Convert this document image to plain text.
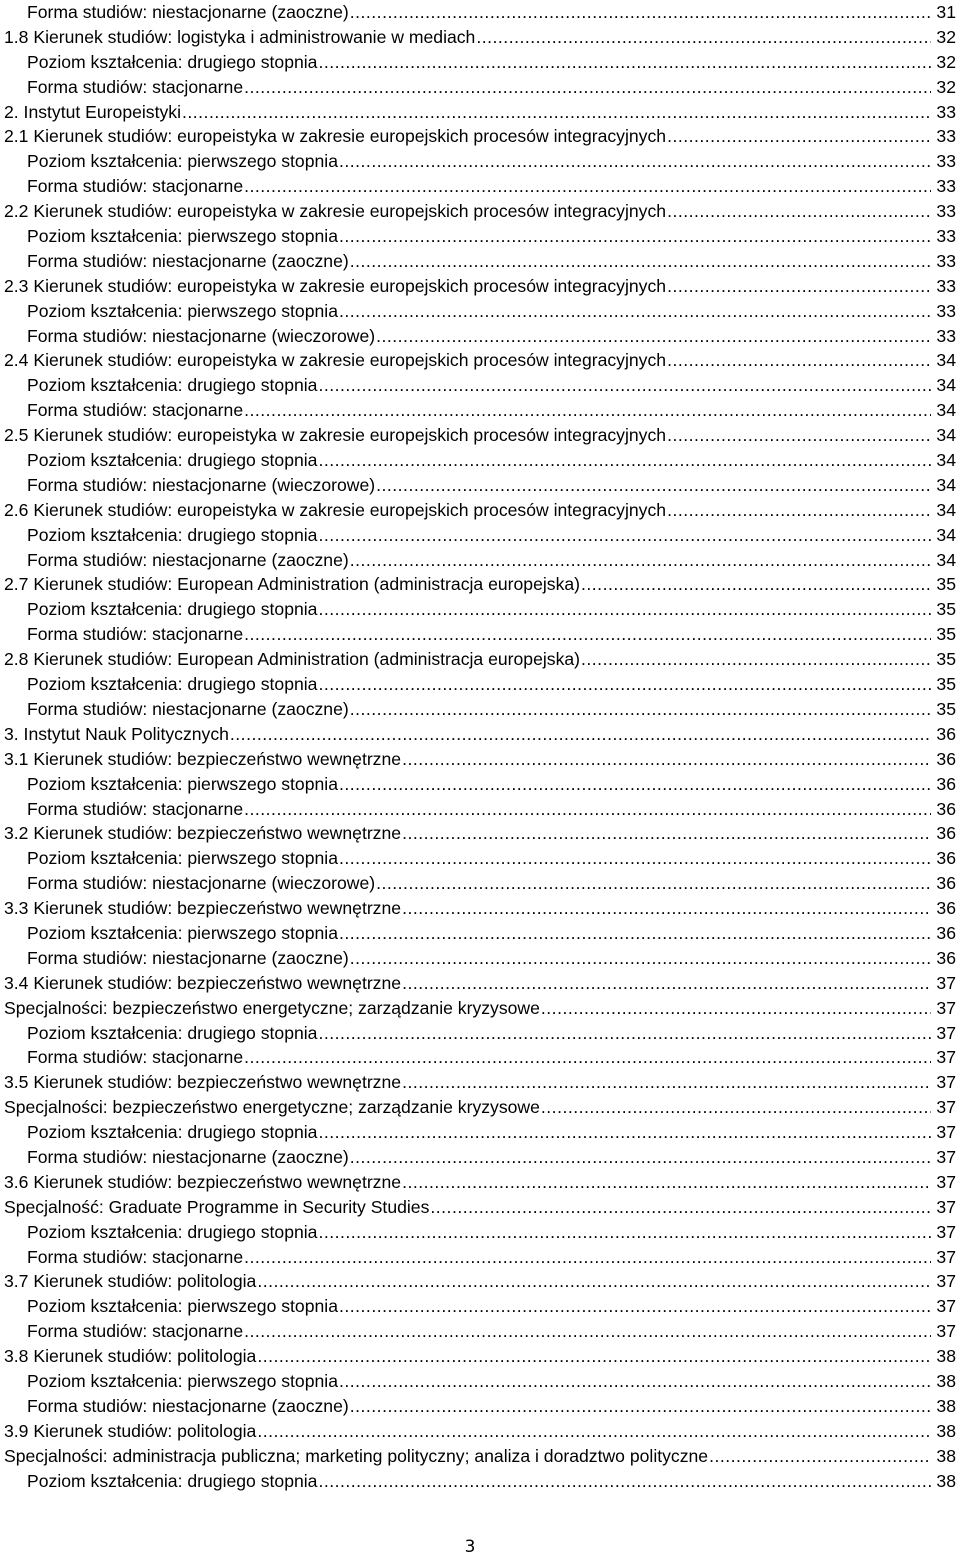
Forma studiów: niestacjonarne (zaoczne) .....	31
1.8 Kierunek studiów: logistyka i administrowanie w mediach .....	32
Poziom kształcenia: drugiego stopnia .....	32
Forma studiów: stacjonarne .....	32
2. Instytut Europeistyki .....	33
2.1 Kierunek studiów: europeistyka w zakresie europejskich procesów integracyjnych .....	33
Poziom kształcenia: pierwszego stopnia .....	33
Forma studiów: stacjonarne .....	33
2.2 Kierunek studiów: europeistyka w zakresie europejskich procesów integracyjnych .....	33
Poziom kształcenia: pierwszego stopnia .....	33
Forma studiów: niestacjonarne (zaoczne) .....	33
2.3 Kierunek studiów: europeistyka w zakresie europejskich procesów integracyjnych .....	33
Poziom kształcenia: pierwszego stopnia .....	33
Forma studiów: niestacjonarne (wieczorowe) .....	33
2.4 Kierunek studiów: europeistyka w zakresie europejskich procesów integracyjnych .....	34
Poziom kształcenia: drugiego stopnia .....	34
Forma studiów: stacjonarne .....	34
2.5 Kierunek studiów: europeistyka w zakresie europejskich procesów integracyjnych .....	34
Poziom kształcenia: drugiego stopnia .....	34
Forma studiów: niestacjonarne (wieczorowe) .....	34
2.6 Kierunek studiów: europeistyka w zakresie europejskich procesów integracyjnych .....	34
Poziom kształcenia: drugiego stopnia .....	34
Forma studiów: niestacjonarne (zaoczne) .....	34
2.7 Kierunek studiów: European Administration (administracja europejska) .....	35
Poziom kształcenia: drugiego stopnia .....	35
Forma studiów: stacjonarne .....	35
2.8 Kierunek studiów: European Administration (administracja europejska) .....	35
Poziom kształcenia: drugiego stopnia .....	35
Forma studiów: niestacjonarne (zaoczne) .....	35
3. Instytut Nauk Politycznych .....	36
3.1 Kierunek studiów: bezpieczeństwo wewnętrzne .....	36
Poziom kształcenia: pierwszego stopnia .....	36
Forma studiów: stacjonarne .....	36
3.2 Kierunek studiów: bezpieczeństwo wewnętrzne .....	36
Poziom kształcenia: pierwszego stopnia .....	36
Forma studiów: niestacjonarne (wieczorowe) .....	36
3.3 Kierunek studiów: bezpieczeństwo wewnętrzne .....	36
Poziom kształcenia: pierwszego stopnia .....	36
Forma studiów: niestacjonarne (zaoczne) .....	36
3.4 Kierunek studiów: bezpieczeństwo wewnętrzne .....	37
Specjalności: bezpieczeństwo energetyczne; zarządzanie kryzysowe .....	37
Poziom kształcenia: drugiego stopnia .....	37
Forma studiów: stacjonarne .....	37
3.5 Kierunek studiów: bezpieczeństwo wewnętrzne .....	37
Specjalności: bezpieczeństwo energetyczne; zarządzanie kryzysowe .....	37
Poziom kształcenia: drugiego stopnia .....	37
Forma studiów: niestacjonarne (zaoczne) .....	37
3.6 Kierunek studiów: bezpieczeństwo wewnętrzne .....	37
Specjalność: Graduate Programme in Security Studies .....	37
Poziom kształcenia: drugiego stopnia .....	37
Forma studiów: stacjonarne .....	37
3.7 Kierunek studiów: politologia .....	37
Poziom kształcenia: pierwszego stopnia .....	37
Forma studiów: stacjonarne .....	37
3.8 Kierunek studiów: politologia .....	38
Poziom kształcenia: pierwszego stopnia .....	38
Forma studiów: niestacjonarne (zaoczne) .....	38
3.9 Kierunek studiów: politologia .....	38
Specjalności: administracja publiczna; marketing polityczny; analiza i doradztwo polityczne .....	38
Poziom kształcenia: drugiego stopnia .....	38
3
